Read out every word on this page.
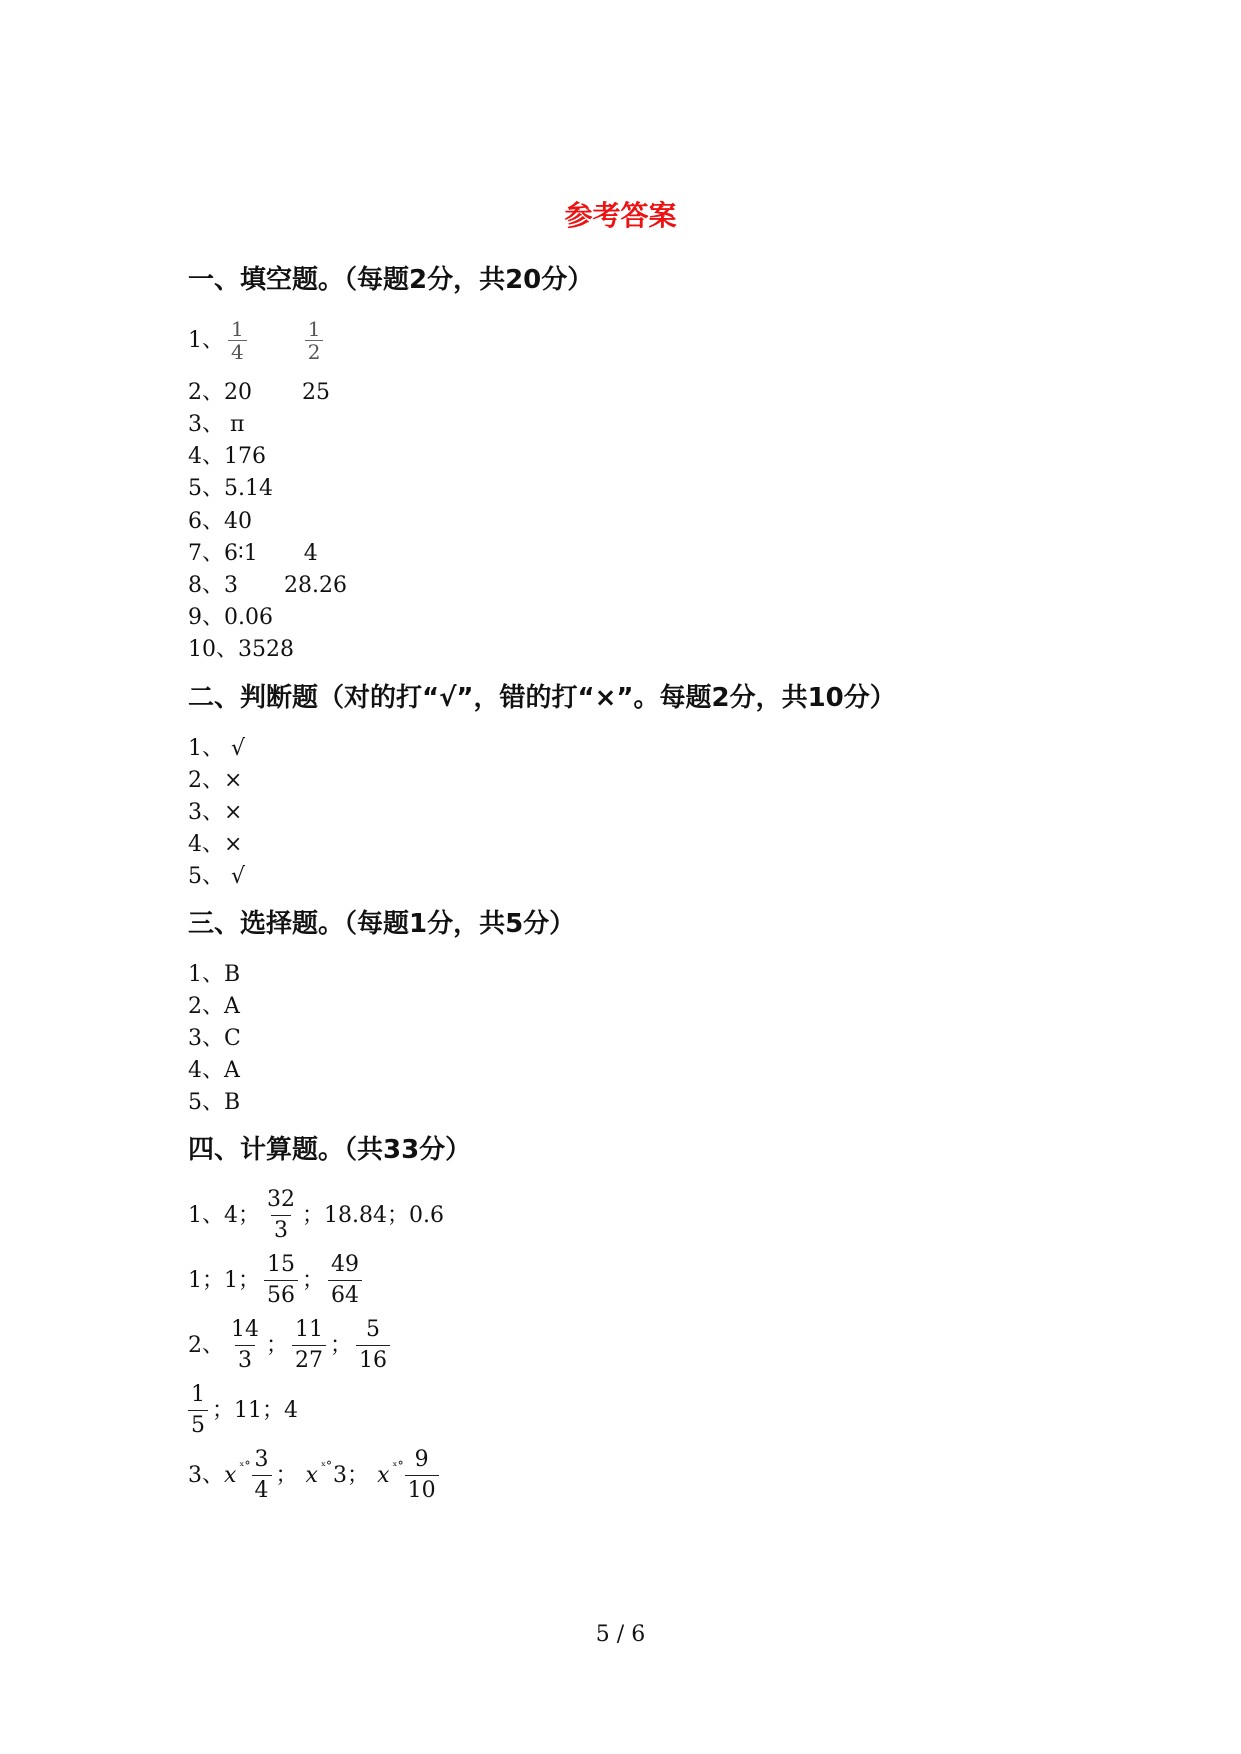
参考答案
一、填空题。（每题2分，共20分）
1、 $\frac{1}{4}$	$\frac{1}{2}$
2、 20 25
3、 π
4、 176
5、 5.14
6、 40
7、 6∶1 4
8、 3 28.26
9、 0.06
10、 3528
二、判断题（对的打“√”，错的打“×”。每题2分，共10分）
1、 √
2、×
3、×
4、×
5、 √
三、选择题。（每题1分，共5分）
1、B
2、A
3、C
4、A
5、B
四、计算题。（共33分）
1、4； $\frac{32}{3}$ ；18.84；0.6
1；1； $\frac{15}{56}$ ； $\frac{49}{64}$
2、 $\frac{14}{3}$ ； $\frac{11}{27}$ ； $\frac{5}{16}$
$\frac{1}{5}$ ；11；4
3、 x ˣ° $\frac{3}{4}$ ； x ˣ° 3 ； x ˣ° $\frac{9}{10}$
5 / 6
